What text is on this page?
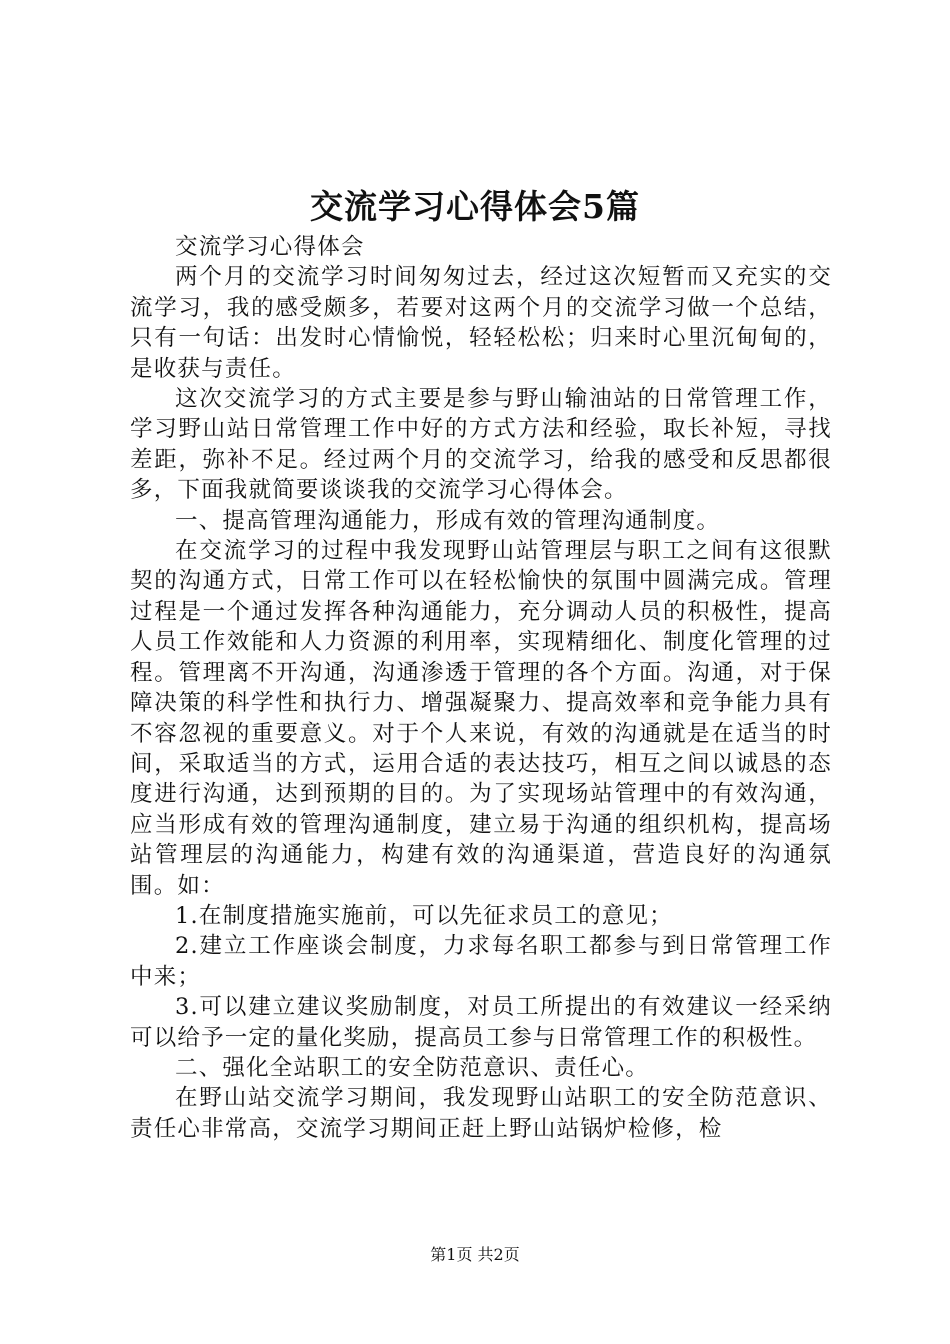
交流学习心得体会5篇

交流学习心得体会

两个月的交流学习时间匆匆过去，经过这次短暂而又充实的交流学习，我的感受颇多，若要对这两个月的交流学习做一个总结，只有一句话：出发时心情愉悦，轻轻松松；归来时心里沉甸甸的，是收获与责任。

这次交流学习的方式主要是参与野山输油站的日常管理工作，学习野山站日常管理工作中好的方式方法和经验，取长补短，寻找差距，弥补不足。经过两个月的交流学习，给我的感受和反思都很多，下面我就简要谈谈我的交流学习心得体会。

一、提高管理沟通能力，形成有效的管理沟通制度。

在交流学习的过程中我发现野山站管理层与职工之间有这很默契的沟通方式，日常工作可以在轻松愉快的氛围中圆满完成。管理过程是一个通过发挥各种沟通能力，充分调动人员的积极性，提高人员工作效能和人力资源的利用率，实现精细化、制度化管理的过程。管理离不开沟通，沟通渗透于管理的各个方面。沟通，对于保障决策的科学性和执行力、增强凝聚力、提高效率和竞争能力具有不容忽视的重要意义。对于个人来说，有效的沟通就是在适当的时间，采取适当的方式，运用合适的表达技巧，相互之间以诚恳的态度进行沟通，达到预期的目的。为了实现场站管理中的有效沟通，应当形成有效的管理沟通制度，建立易于沟通的组织机构，提高场站管理层的沟通能力，构建有效的沟通渠道，营造良好的沟通氛围。如：

1.在制度措施实施前，可以先征求员工的意见；

2.建立工作座谈会制度，力求每名职工都参与到日常管理工作中来；

3.可以建立建议奖励制度，对员工所提出的有效建议一经采纳可以给予一定的量化奖励，提高员工参与日常管理工作的积极性。

二、强化全站职工的安全防范意识、责任心。

在野山站交流学习期间，我发现野山站职工的安全防范意识、责任心非常高，交流学习期间正赶上野山站锅炉检修，检

第1页 共2页
